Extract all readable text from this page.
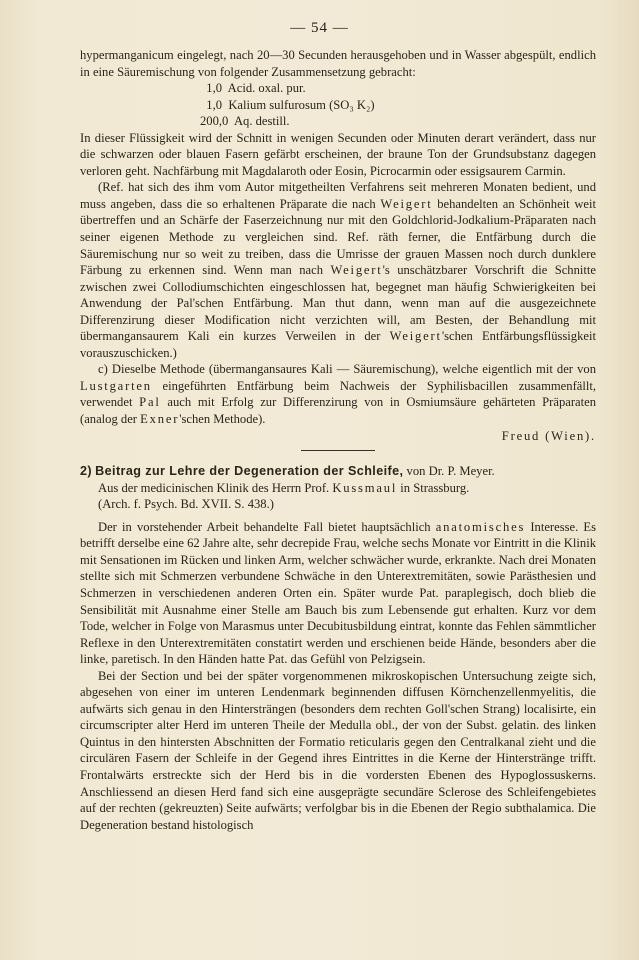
— 54 —

hypermanganicum eingelegt, nach 20—30 Secunden herausgehoben und in Wasser abgespült, endlich in eine Säuremischung von folgender Zusammensetzung gebracht:

1,0  Acid. oxal. pur.
1,0  Kalium sulfurosum (SO₃ K₂)
200,0  Aq. destill.

In dieser Flüssigkeit wird der Schnitt in wenigen Secunden oder Minuten derart verändert, dass nur die schwarzen oder blauen Fasern gefärbt erscheinen, der braune Ton der Grundsubstanz dagegen verloren geht. Nachfärbung mit Magdalaroth oder Eosin, Picrocarmin oder essigsaurem Carmin.

(Ref. hat sich des ihm vom Autor mitgetheilten Verfahrens seit mehreren Monaten bedient, und muss angeben, dass die so erhaltenen Präparate die nach Weigert behandelten an Schönheit weit übertreffen und an Schärfe der Faserzeichnung nur mit den Goldchlorid-Jodkalium-Präparaten nach seiner eigenen Methode zu vergleichen sind. Ref. räth ferner, die Entfärbung durch die Säuremischung nur so weit zu treiben, dass die Umrisse der grauen Massen noch durch dunklere Färbung zu erkennen sind. Wenn man nach Weigert's unschätzbarer Vorschrift die Schnitte zwischen zwei Collodiumschichten eingeschlossen hat, begegnet man häufig Schwierigkeiten bei Anwendung der Pal'schen Entfärbung. Man thut dann, wenn man auf die ausgezeichnete Differenzirung dieser Modification nicht verzichten will, am Besten, der Behandlung mit übermangansaurem Kali ein kurzes Verweilen in der Weigert'schen Entfärbungsflüssigkeit vorauszuschicken.)

c) Dieselbe Methode (übermangansaures Kali — Säuremischung), welche eigentlich mit der von Lustgarten eingeführten Entfärbung beim Nachweis der Syphilisbacillen zusammenfällt, verwendet Pal auch mit Erfolg zur Differenzirung von in Osmiumsäure gehärteten Präparaten (analog der Exner'schen Methode).

Freud (Wien).

2) Beitrag zur Lehre der Degeneration der Schleife, von Dr. P. Meyer.
Aus der medicinischen Klinik des Herrn Prof. Kussmaul in Strassburg.
(Arch. f. Psych. Bd. XVII. S. 438.)

Der in vorstehender Arbeit behandelte Fall bietet hauptsächlich anatomisches Interesse. Es betrifft derselbe eine 62 Jahre alte, sehr decrepide Frau, welche sechs Monate vor Eintritt in die Klinik mit Sensationen im Rücken und linken Arm, welcher schwächer wurde, erkrankte. Nach drei Monaten stellte sich mit Schmerzen verbundene Schwäche in den Unterextremitäten, sowie Parästhesien und Schmerzen in verschiedenen anderen Orten ein. Später wurde Pat. paraplegisch, doch blieb die Sensibilität mit Ausnahme einer Stelle am Bauch bis zum Lebensende gut erhalten. Kurz vor dem Tode, welcher in Folge von Marasmus unter Decubitusbildung eintrat, konnte das Fehlen sämmtlicher Reflexe in den Unterextremitäten constatirt werden und erschienen beide Hände, besonders aber die linke, paretisch. In den Händen hatte Pat. das Gefühl von Pelzigsein.

Bei der Section und bei der später vorgenommenen mikroskopischen Untersuchung zeigte sich, abgesehen von einer im unteren Lendenmark beginnenden diffusen Körnchenzellenmyelitis, die aufwärts sich genau in den Hintersträngen (besonders dem rechten Goll'schen Strang) localisirte, ein circumscripter alter Herd im unteren Theile der Medulla obl., der von der Subst. gelatin. des linken Quintus in den hintersten Abschnitten der Formatio reticularis gegen den Centralkanal zieht und die circulären Fasern der Schleife in der Gegend ihres Eintrittes in die Kerne der Hinterstränge trifft. Frontalwärts erstreckte sich der Herd bis in die vordersten Ebenen des Hypoglossuskerns. Anschliessend an diesen Herd fand sich eine ausgeprägte secundäre Sclerose des Schleifengebietes auf der rechten (gekreuzten) Seite aufwärts; verfolgbar bis in die Ebenen der Regio subthalamica. Die Degeneration bestand histologisch
